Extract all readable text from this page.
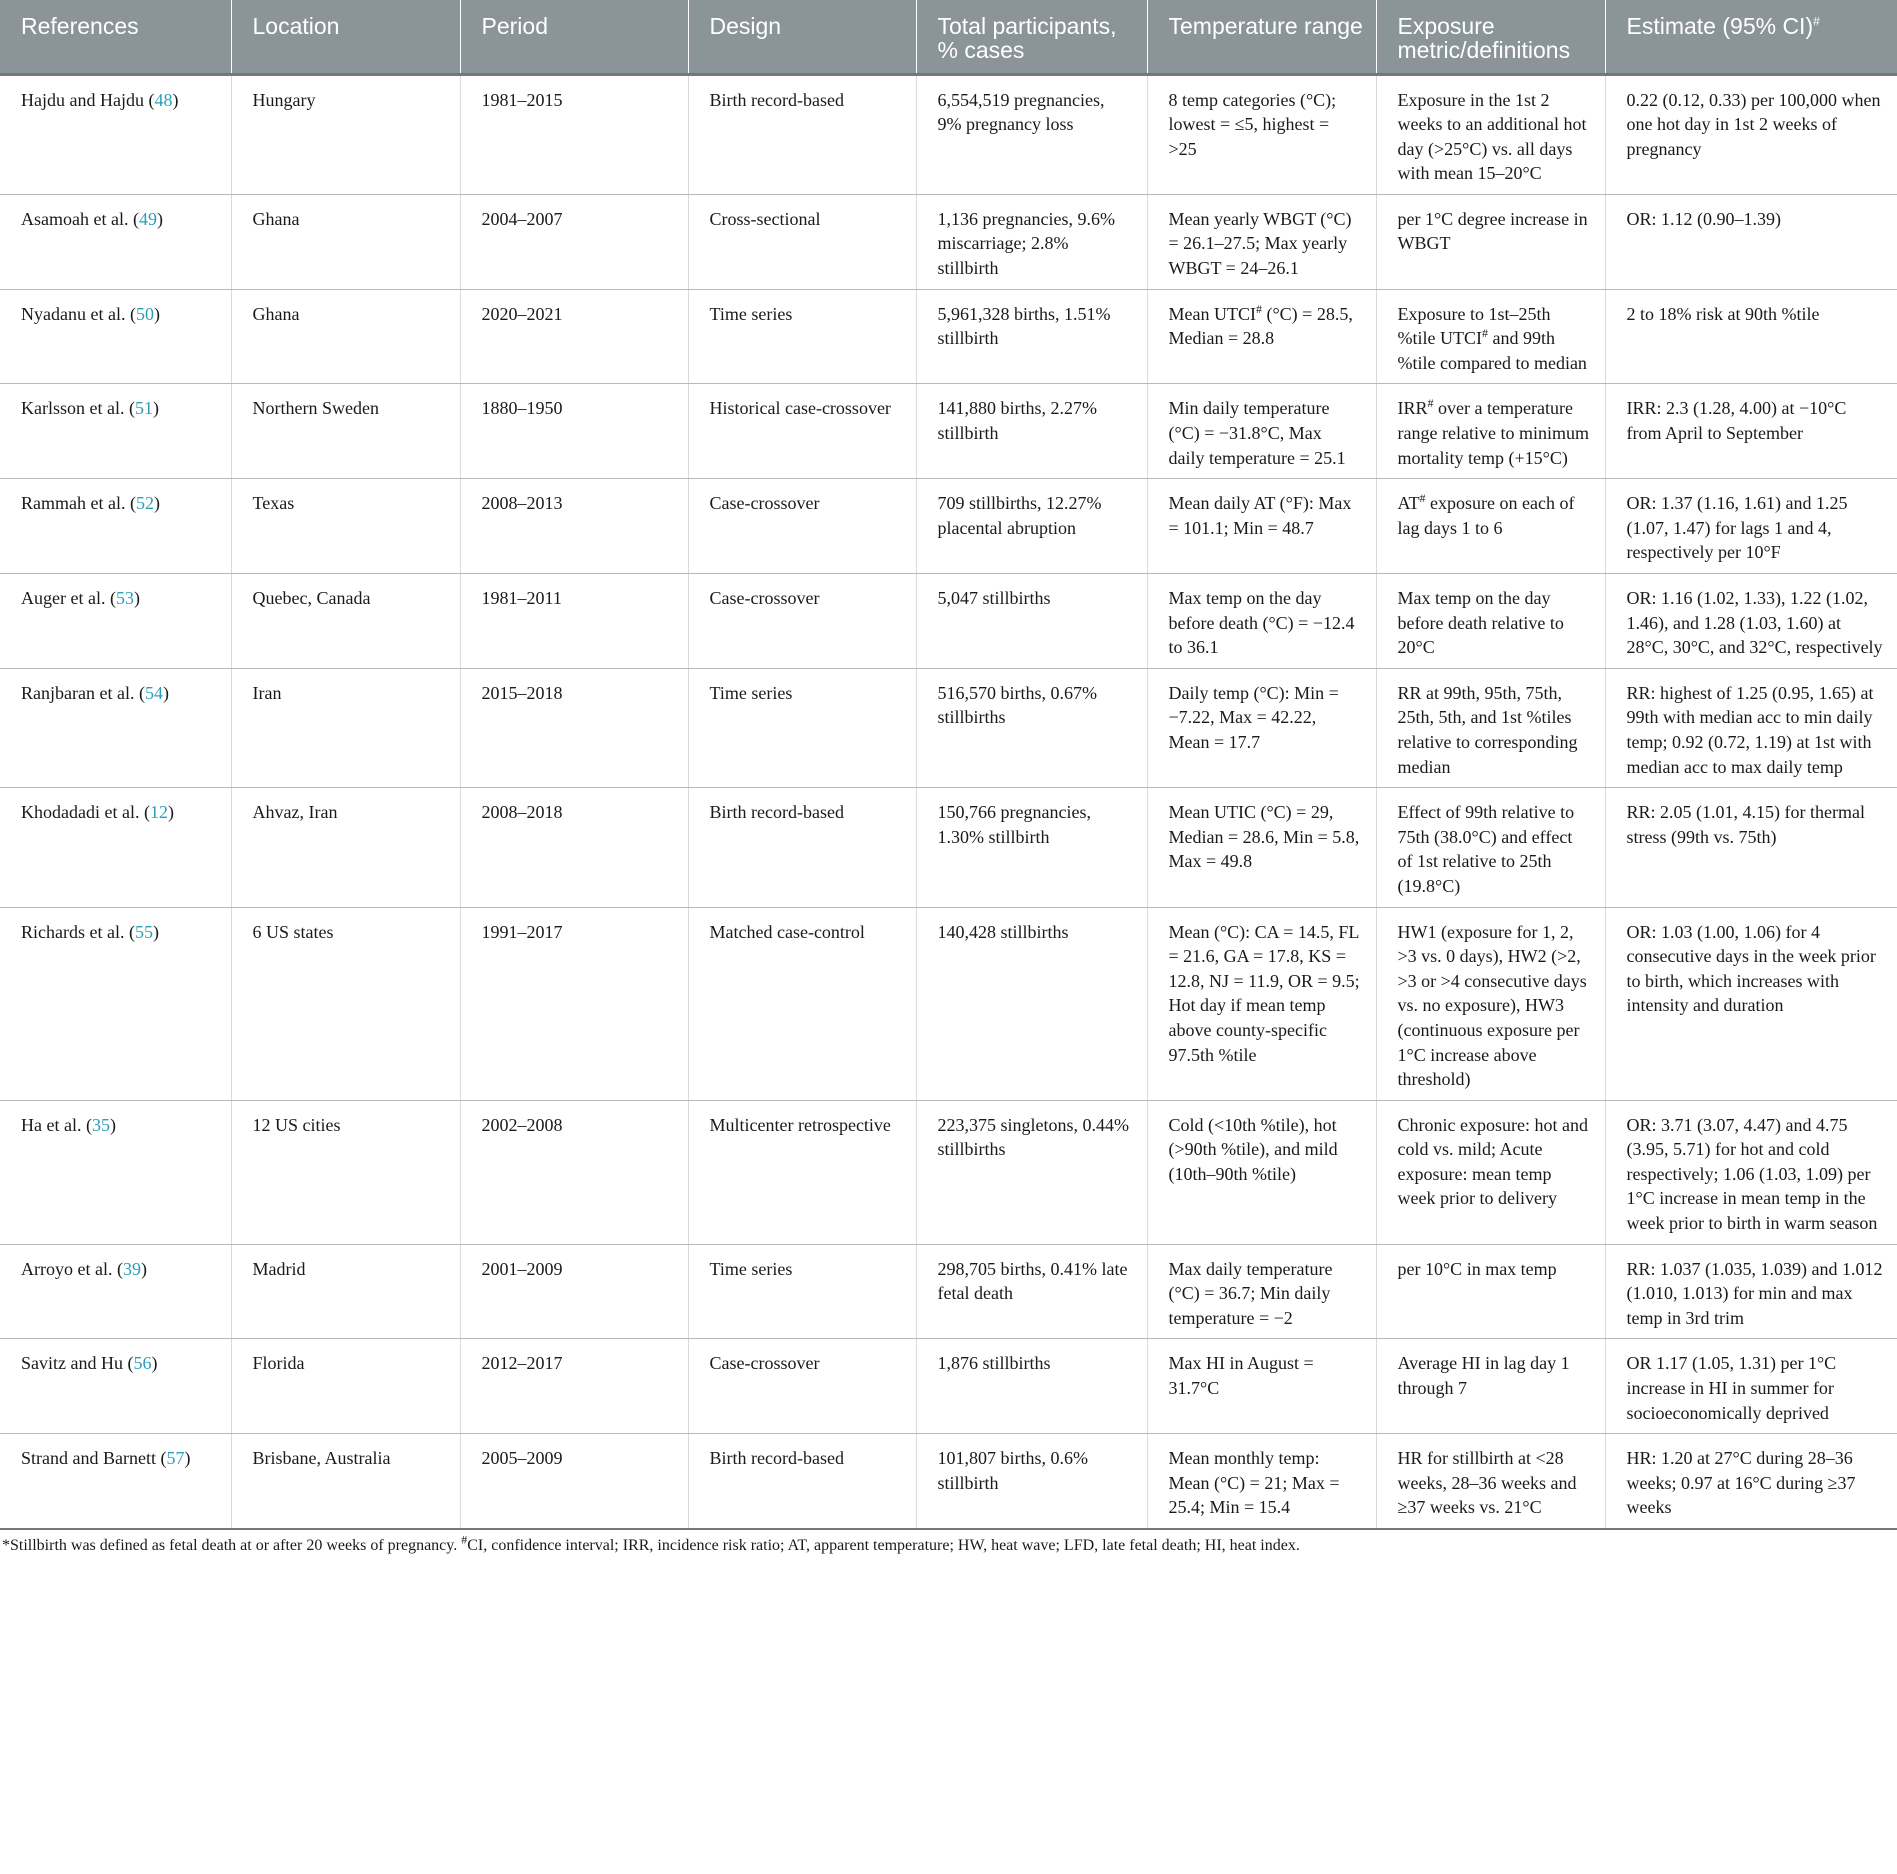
References	Location	Period	Design	Total participants, % cases	Temperature range	Exposure metric/definitions	Estimate (95% CI)#
Hajdu and Hajdu (48)	Hungary	1981–2015	Birth record-based	6,554,519 pregnancies, 9% pregnancy loss	8 temp categories (°C); lowest = ≤5, highest = >25	Exposure in the 1st 2 weeks to an additional hot day (>25°C) vs. all days with mean 15–20°C	0.22 (0.12, 0.33) per 100,000 when one hot day in 1st 2 weeks of pregnancy
Asamoah et al. (49)	Ghana	2004–2007	Cross-sectional	1,136 pregnancies, 9.6% miscarriage; 2.8% stillbirth	Mean yearly WBGT (°C) = 26.1–27.5; Max yearly WBGT = 24–26.1	per 1°C degree increase in WBGT	OR: 1.12 (0.90–1.39)
Nyadanu et al. (50)	Ghana	2020–2021	Time series	5,961,328 births, 1.51% stillbirth	Mean UTCI# (°C) = 28.5, Median = 28.8	Exposure to 1st–25th %tile UTCI# and 99th %tile compared to median	2 to 18% risk at 90th %tile
Karlsson et al. (51)	Northern Sweden	1880–1950	Historical case-crossover	141,880 births, 2.27% stillbirth	Min daily temperature (°C) = −31.8°C, Max daily temperature = 25.1	IRR# over a temperature range relative to minimum mortality temp (+15°C)	IRR: 2.3 (1.28, 4.00) at −10°C from April to September
Rammah et al. (52)	Texas	2008–2013	Case-crossover	709 stillbirths, 12.27% placental abruption	Mean daily AT (°F): Max = 101.1; Min = 48.7	AT# exposure on each of lag days 1 to 6	OR: 1.37 (1.16, 1.61) and 1.25 (1.07, 1.47) for lags 1 and 4, respectively per 10°F
Auger et al. (53)	Quebec, Canada	1981–2011	Case-crossover	5,047 stillbirths	Max temp on the day before death (°C) = −12.4 to 36.1	Max temp on the day before death relative to 20°C	OR: 1.16 (1.02, 1.33), 1.22 (1.02, 1.46), and 1.28 (1.03, 1.60) at 28°C, 30°C, and 32°C, respectively
Ranjbaran et al. (54)	Iran	2015–2018	Time series	516,570 births, 0.67% stillbirths	Daily temp (°C): Min = −7.22, Max = 42.22, Mean = 17.7	RR at 99th, 95th, 75th, 25th, 5th, and 1st %tiles relative to corresponding median	RR: highest of 1.25 (0.95, 1.65) at 99th with median acc to min daily temp; 0.92 (0.72, 1.19) at 1st with median acc to max daily temp
Khodadadi et al. (12)	Ahvaz, Iran	2008–2018	Birth record-based	150,766 pregnancies, 1.30% stillbirth	Mean UTIC (°C) = 29, Median = 28.6, Min = 5.8, Max = 49.8	Effect of 99th relative to 75th (38.0°C) and effect of 1st relative to 25th (19.8°C)	RR: 2.05 (1.01, 4.15) for thermal stress (99th vs. 75th)
Richards et al. (55)	6 US states	1991–2017	Matched case-control	140,428 stillbirths	Mean (°C): CA = 14.5, FL = 21.6, GA = 17.8, KS = 12.8, NJ = 11.9, OR = 9.5; Hot day if mean temp above county-specific 97.5th %tile	HW1 (exposure for 1, 2, >3 vs. 0 days), HW2 (>2, >3 or >4 consecutive days vs. no exposure), HW3 (continuous exposure per 1°C increase above threshold)	OR: 1.03 (1.00, 1.06) for 4 consecutive days in the week prior to birth, which increases with intensity and duration
Ha et al. (35)	12 US cities	2002–2008	Multicenter retrospective	223,375 singletons, 0.44% stillbirths	Cold (<10th %tile), hot (>90th %tile), and mild (10th–90th %tile)	Chronic exposure: hot and cold vs. mild; Acute exposure: mean temp week prior to delivery	OR: 3.71 (3.07, 4.47) and 4.75 (3.95, 5.71) for hot and cold respectively; 1.06 (1.03, 1.09) per 1°C increase in mean temp in the week prior to birth in warm season
Arroyo et al. (39)	Madrid	2001–2009	Time series	298,705 births, 0.41% late fetal death	Max daily temperature (°C) = 36.7; Min daily temperature = −2	per 10°C in max temp	RR: 1.037 (1.035, 1.039) and 1.012 (1.010, 1.013) for min and max temp in 3rd trim
Savitz and Hu (56)	Florida	2012–2017	Case-crossover	1,876 stillbirths	Max HI in August = 31.7°C	Average HI in lag day 1 through 7	OR 1.17 (1.05, 1.31) per 1°C increase in HI in summer for socioeconomically deprived
Strand and Barnett (57)	Brisbane, Australia	2005–2009	Birth record-based	101,807 births, 0.6% stillbirth	Mean monthly temp: Mean (°C) = 21; Max = 25.4; Min = 15.4	HR for stillbirth at <28 weeks, 28–36 weeks and ≥37 weeks vs. 21°C	HR: 1.20 at 27°C during 28–36 weeks; 0.97 at 16°C during ≥37 weeks
*Stillbirth was defined as fetal death at or after 20 weeks of pregnancy. #CI, confidence interval; IRR, incidence risk ratio; AT, apparent temperature; HW, heat wave; LFD, late fetal death; HI, heat index.
